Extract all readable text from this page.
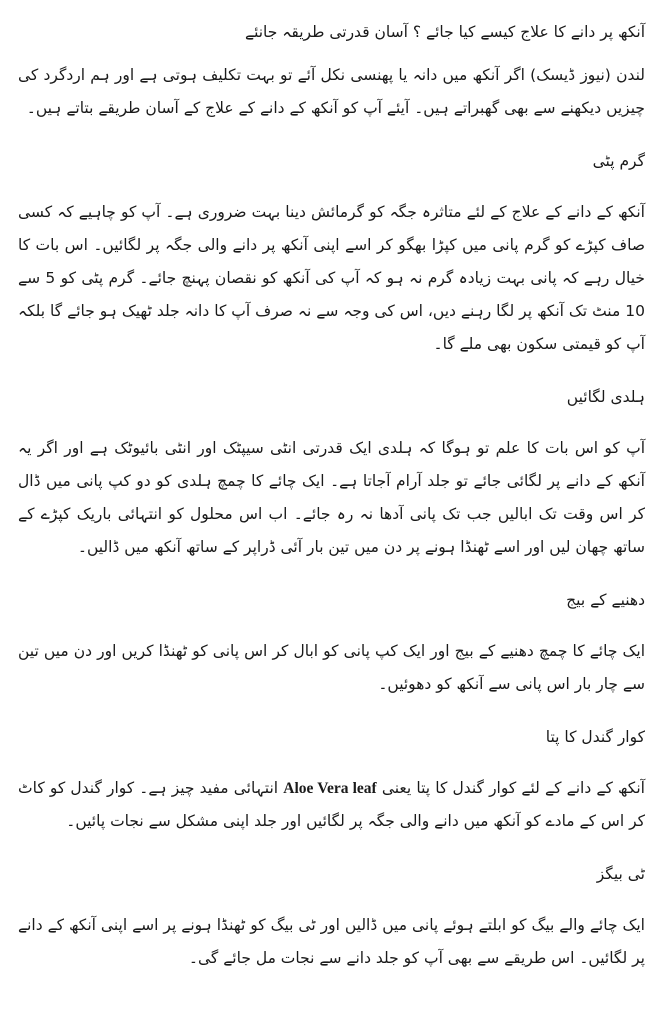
آنکھ پر دانے کا علاج کیسے کیا جائے ؟ آسان قدرتی طریقہ جانئے
لندن (نیوز ڈیسک) اگر آنکھ میں دانہ یا پھنسی نکل آئے تو بہت تکلیف ہوتی ہے اور ہم اردگرد کی چیزیں دیکھنے سے بھی گھبراتے ہیں۔ آیئے آپ کو آنکھ کے دانے کے علاج کے آسان طریقے بتاتے ہیں۔
گرم پٹی
آنکھ کے دانے کے علاج کے لئے متاثرہ جگہ کو گرمائش دینا بہت ضروری ہے۔ آپ کو چاہیے کہ کسی صاف کپڑے کو گرم پانی میں کپڑا بھگو کر اسے اپنی آنکھ پر دانے والی جگہ پر لگائیں۔ اس بات کا خیال رہے کہ پانی بہت زیادہ گرم نہ ہو کہ آپ کی آنکھ کو نقصان پہنچ جائے۔ گرم پٹی کو 5 سے 10 منٹ تک آنکھ پر لگا رہنے دیں، اس کی وجہ سے نہ صرف آپ کا دانہ جلد ٹھیک ہو جائے گا بلکہ آپ کو قیمتی سکون بھی ملے گا۔
ہلدی لگائیں
آپ کو اس بات کا علم تو ہوگا کہ ہلدی ایک قدرتی انٹی سیپٹک اور انٹی بائیوٹک ہے اور اگر یہ آنکھ کے دانے پر لگائی جائے تو جلد آرام آجاتا ہے۔ ایک چائے کا چمچ ہلدی کو دو کپ پانی میں ڈال کر اس وقت تک ابالیں جب تک پانی آدھا نہ رہ جائے۔ اب اس محلول کو انتہائی باریک کپڑے کے ساتھ چھان لیں اور اسے ٹھنڈا ہونے پر دن میں تین بار آئی ڈراپر کے ساتھ آنکھ میں ڈالیں۔
دھنیے کے بیج
ایک چائے کا چمچ دھنیے کے بیج اور ایک کپ پانی کو ابال کر اس پانی کو ٹھنڈا کریں اور دن میں تین سے چار بار اس پانی سے آنکھ کو دھوئیں۔
کوار گندل کا پتا
آنکھ کے دانے کے لئے کوار گندل کا پتا یعنی Aloe Vera leaf انتہائی مفید چیز ہے۔ کوار گندل کو کاٹ کر اس کے مادے کو آنکھ میں دانے والی جگہ پر لگائیں اور جلد اپنی مشکل سے نجات پائیں۔
ٹی بیگز
ایک چائے والے بیگ کو ابلتے ہوئے پانی میں ڈالیں اور ٹی بیگ کو ٹھنڈا ہونے پر اسے اپنی آنکھ کے دانے پر لگائیں۔ اس طریقے سے بھی آپ کو جلد دانے سے نجات مل جائے گی۔
